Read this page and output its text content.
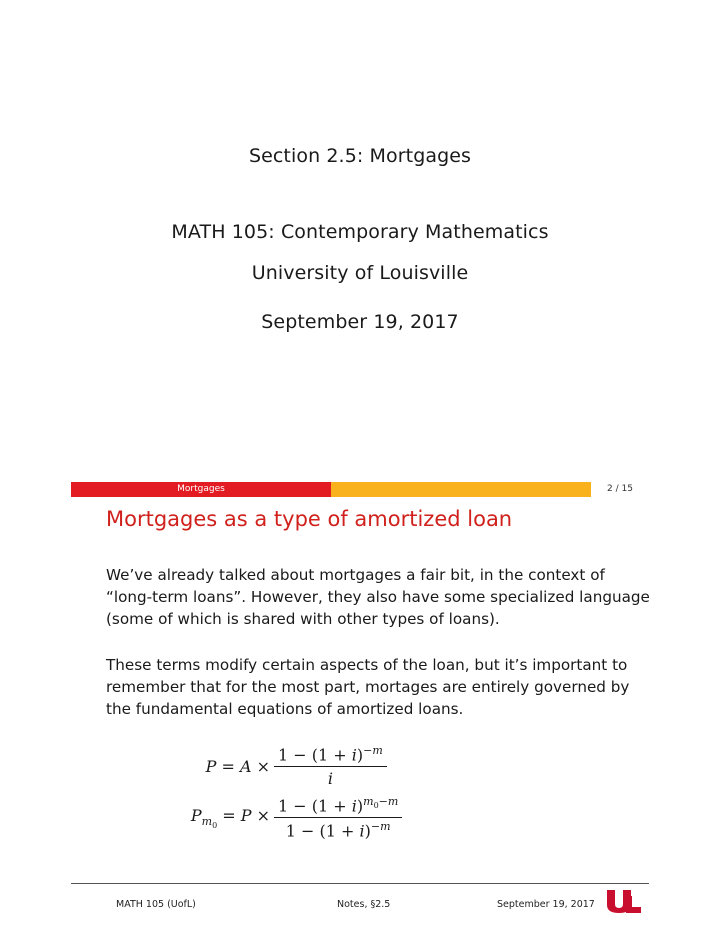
Section 2.5: Mortgages
MATH 105: Contemporary Mathematics
University of Louisville
September 19, 2017
Mortgages	2 / 15
Mortgages as a type of amortized loan
We’ve already talked about mortgages a fair bit, in the context of
“long-term loans”. However, they also have some specialized language
(some of which is shared with other types of loans).
These terms modify certain aspects of the loan, but it’s important to
remember that for the most part, mortages are entirely governed by
the fundamental equations of amortized loans.
$P = A \times \frac{1 - (1 + i)^{-m}}{i}$
$P_{m_0} = P \times \frac{1 - (1 + i)^{m_0-m}}{1 - (1 + i)^{-m}}$
MATH 105 (UofL)	Notes, §2.5	September 19, 2017
